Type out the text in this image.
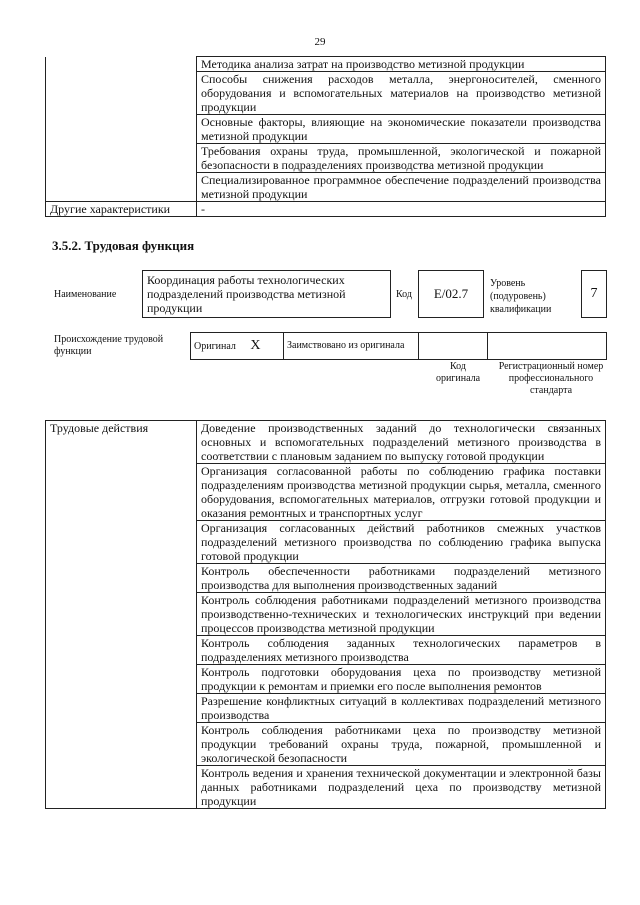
29
	Методика анализа затрат на производство метизной продукции
	Способы снижения расходов металла, энергоносителей, сменного оборудования и вспомогательных материалов на производство метизной продукции
	Основные факторы, влияющие на экономические показатели производства метизной продукции
	Требования охраны труда, промышленной, экологической и пожарной безопасности в подразделениях производства метизной продукции
	Специализированное программное обеспечение подразделений производства метизной продукции
Другие характеристики	-
3.5.2. Трудовая функция
Наименование
Координация работы технологических подразделений производства метизной продукции
Код	E/02.7
Уровень (подуровень) квалификации
7
Происхождение трудовой функции	Оригинал X	Заимствовано из оригинала		
Код оригинала
Регистрационный номер профессионального стандарта
Трудовые действия	Доведение производственных заданий до технологически связанных основных и вспомогательных подразделений метизного производства в соответствии с плановым заданием по выпуску готовой продукции
Организация согласованной работы по соблюдению графика поставки подразделениям производства метизной продукции сырья, металла, сменного оборудования, вспомогательных материалов, отгрузки готовой продукции и оказания ремонтных и транспортных услуг
Организация согласованных действий работников смежных участков подразделений метизного производства по соблюдению графика выпуска готовой продукции
Контроль обеспеченности работниками подразделений метизного производства для выполнения производственных заданий
Контроль соблюдения работниками подразделений метизного производства производственно-технических и технологических инструкций при ведении процессов производства метизной продукции
Контроль соблюдения заданных технологических параметров в подразделениях метизного производства
Контроль подготовки оборудования цеха по производству метизной продукции к ремонтам и приемки его после выполнения ремонтов
Разрешение конфликтных ситуаций в коллективах подразделений метизного производства
Контроль соблюдения работниками цеха по производству метизной продукции требований охраны труда, пожарной, промышленной и экологической безопасности
Контроль ведения и хранения технической документации и электронной базы данных работниками подразделений цеха по производству метизной продукции
